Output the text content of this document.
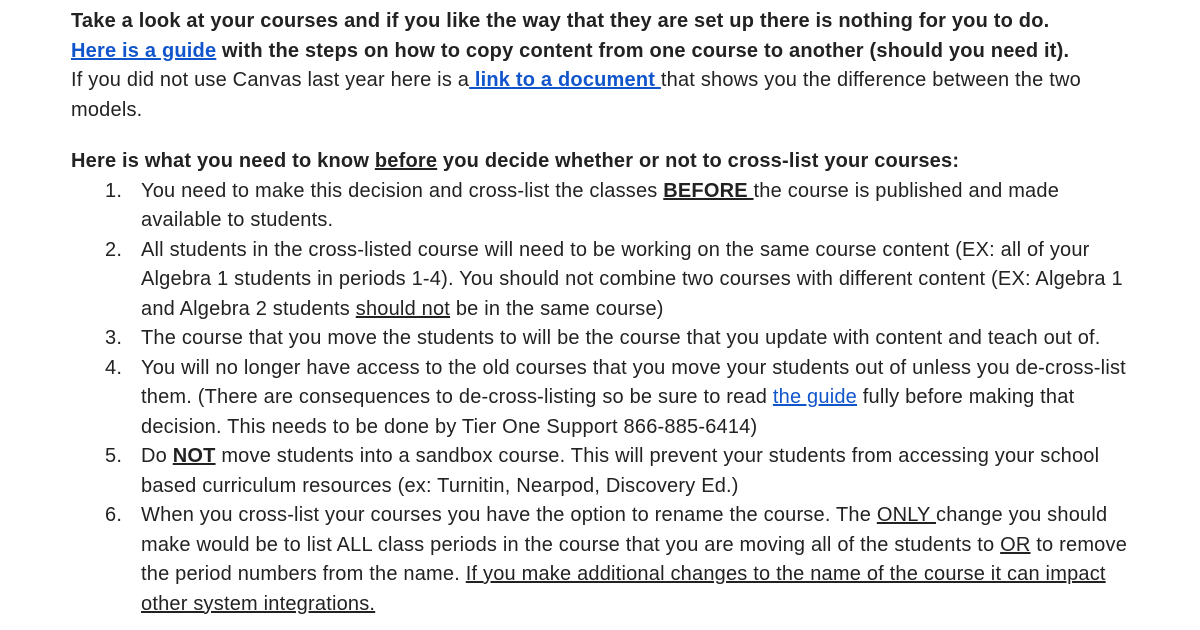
Take a look at your courses and if you like the way that they are set up there is nothing for you to do.

Here is a guide with the steps on how to copy content from one course to another (should you need it).

If you did not use Canvas last year here is a link to a document that shows you the difference between the two models.

Here is what you need to know before you decide whether or not to cross-list your courses:

1. You need to make this decision and cross-list the classes BEFORE the course is published and made available to students.
2. All students in the cross-listed course will need to be working on the same course content (EX: all of your Algebra 1 students in periods 1-4). You should not combine two courses with different content (EX: Algebra 1 and Algebra 2 students should not be in the same course)
3. The course that you move the students to will be the course that you update with content and teach out of.
4. You will no longer have access to the old courses that you move your students out of unless you de-cross-list them. (There are consequences to de-cross-listing so be sure to read the guide fully before making that decision. This needs to be done by Tier One Support 866-885-6414)
5. Do NOT move students into a sandbox course. This will prevent your students from accessing your school based curriculum resources (ex: Turnitin, Nearpod, Discovery Ed.)
6. When you cross-list your courses you have the option to rename the course. The ONLY change you should make would be to list ALL class periods in the course that you are moving all of the students to OR to remove the period numbers from the name. If you make additional changes to the name of the course it can impact other system integrations.
